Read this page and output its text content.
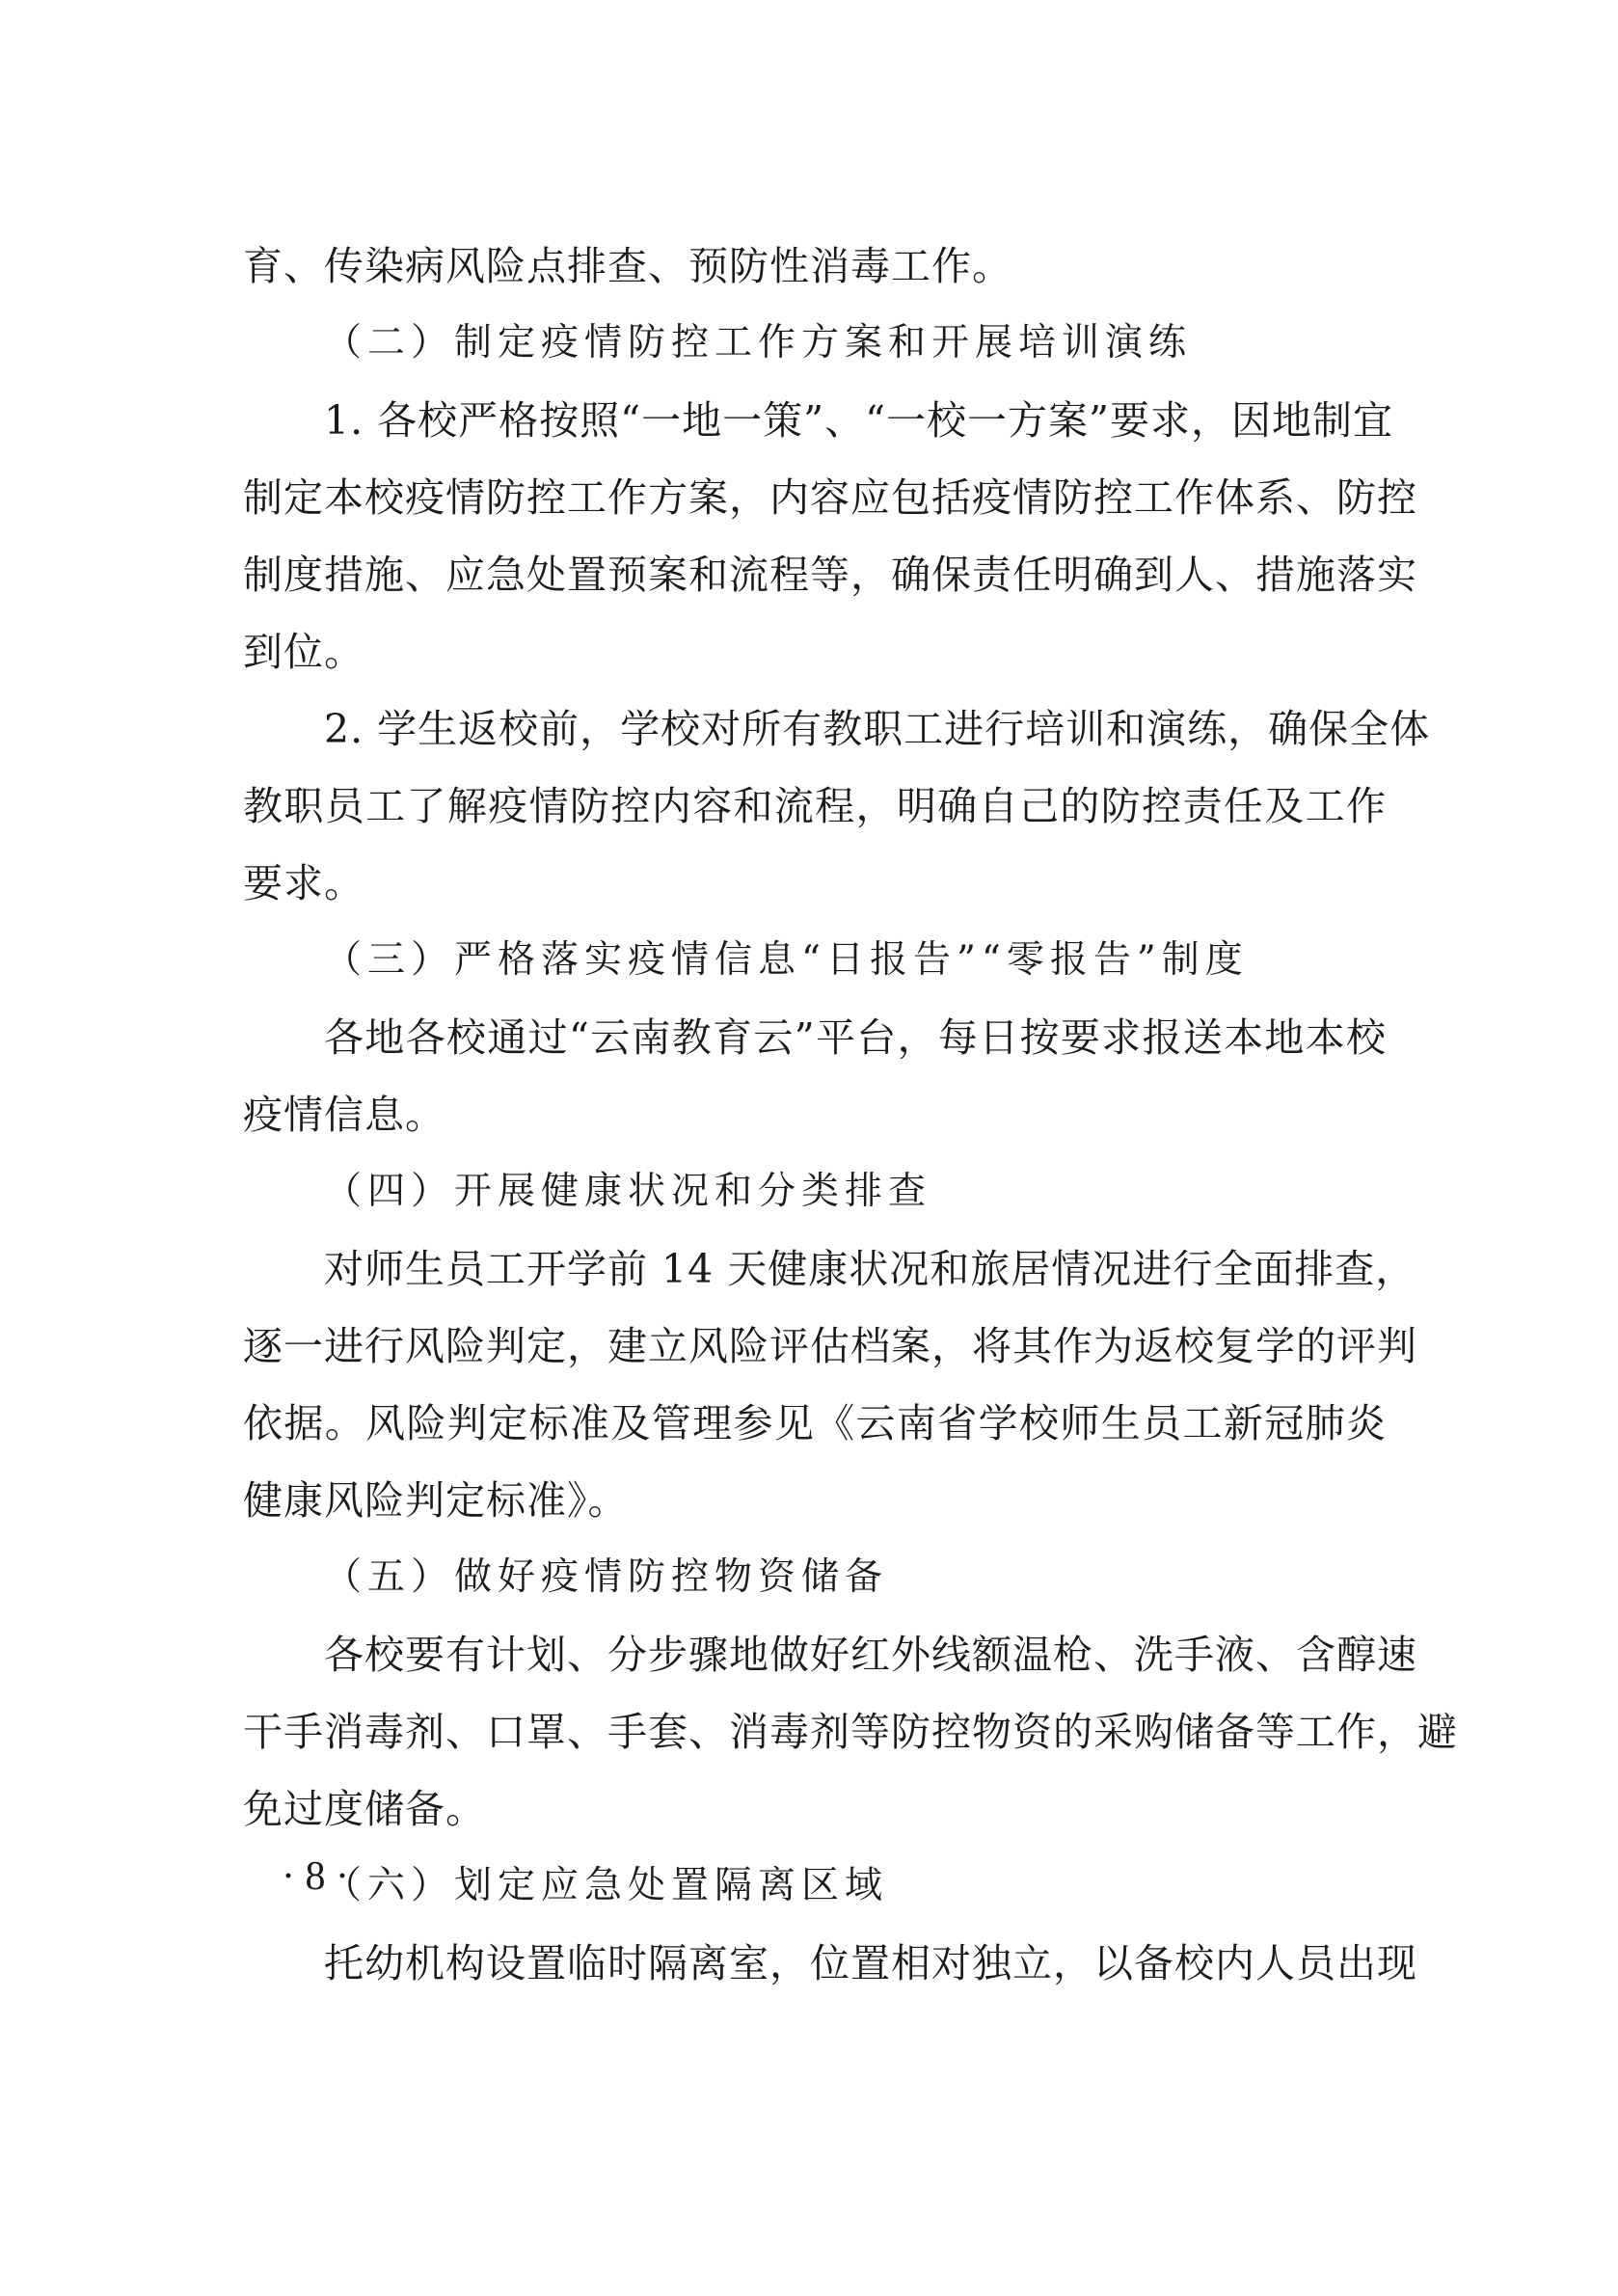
育、传染病风险点排查、预防性消毒工作。
（二）制定疫情防控工作方案和开展培训演练
1. 各校严格按照“一地一策”、“一校一方案”要求，因地制宜
制定本校疫情防控工作方案，内容应包括疫情防控工作体系、防控
制度措施、应急处置预案和流程等，确保责任明确到人、措施落实
到位。
2. 学生返校前，学校对所有教职工进行培训和演练，确保全体
教职员工了解疫情防控内容和流程，明确自己的防控责任及工作
要求。
（三）严格落实疫情信息“日报告”“零报告”制度
各地各校通过“云南教育云”平台，每日按要求报送本地本校
疫情信息。
（四）开展健康状况和分类排查
对师生员工开学前 14 天健康状况和旅居情况进行全面排查，
逐一进行风险判定，建立风险评估档案，将其作为返校复学的评判
依据。风险判定标准及管理参见《云南省学校师生员工新冠肺炎
健康风险判定标准》。
（五）做好疫情防控物资储备
各校要有计划、分步骤地做好红外线额温枪、洗手液、含醇速
干手消毒剂、口罩、手套、消毒剂等防控物资的采购储备等工作，避
免过度储备。
（六）划定应急处置隔离区域
托幼机构设置临时隔离室，位置相对独立，以备校内人员出现
· 8 ·
